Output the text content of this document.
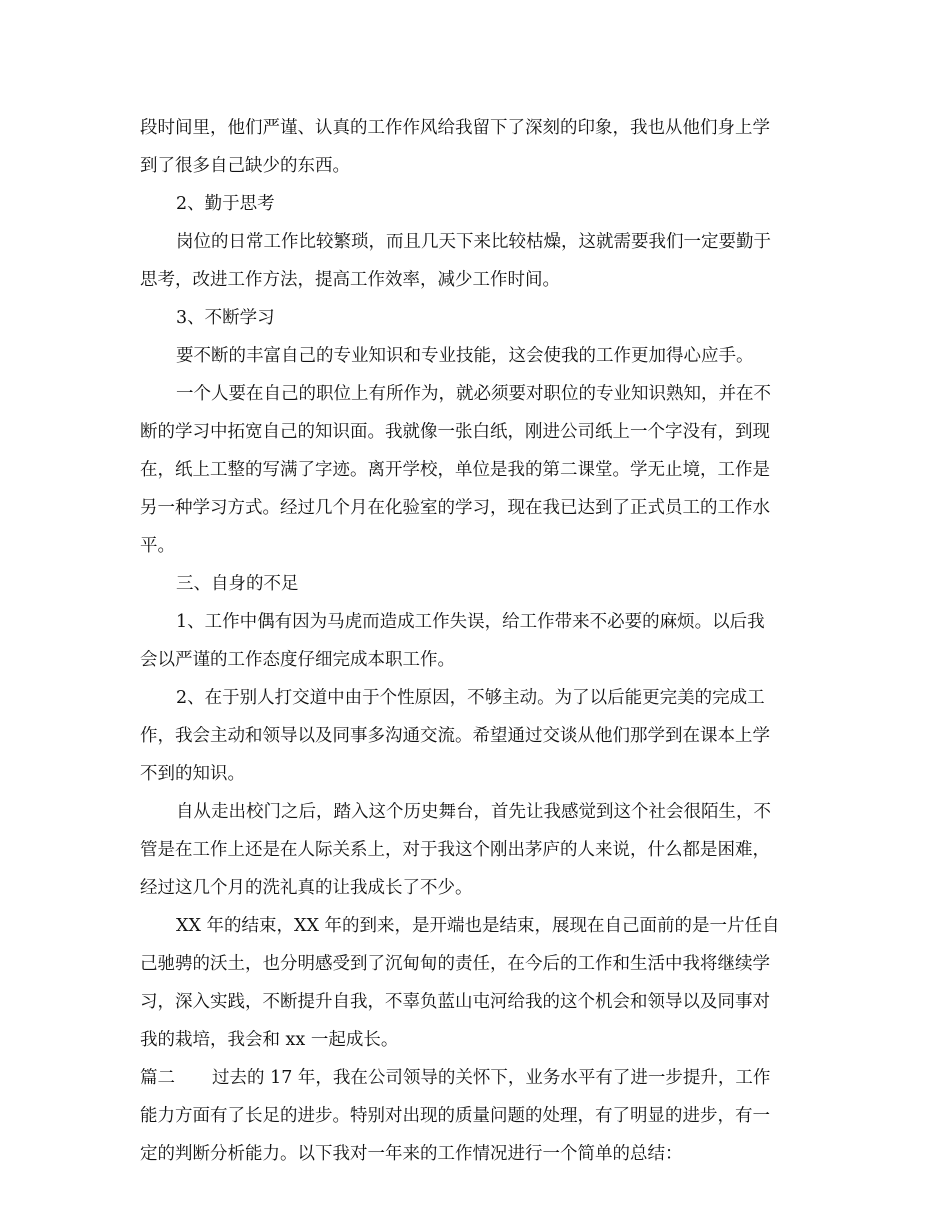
段时间里，他们严谨、认真的工作作风给我留下了深刻的印象，我也从他们身上学
到了很多自己缺少的东西。
2、勤于思考
岗位的日常工作比较繁琐，而且几天下来比较枯燥，这就需要我们一定要勤于
思考，改进工作方法，提高工作效率，减少工作时间。
3、不断学习
要不断的丰富自己的专业知识和专业技能，这会使我的工作更加得心应手。
一个人要在自己的职位上有所作为，就必须要对职位的专业知识熟知，并在不
断的学习中拓宽自己的知识面。我就像一张白纸，刚进公司纸上一个字没有，到现
在，纸上工整的写满了字迹。离开学校，单位是我的第二课堂。学无止境，工作是
另一种学习方式。经过几个月在化验室的学习，现在我已达到了正式员工的工作水
平。
三、自身的不足
1、工作中偶有因为马虎而造成工作失误，给工作带来不必要的麻烦。以后我
会以严谨的工作态度仔细完成本职工作。
2、在于别人打交道中由于个性原因，不够主动。为了以后能更完美的完成工
作，我会主动和领导以及同事多沟通交流。希望通过交谈从他们那学到在课本上学
不到的知识。
自从走出校门之后，踏入这个历史舞台，首先让我感觉到这个社会很陌生，不
管是在工作上还是在人际关系上，对于我这个刚出茅庐的人来说，什么都是困难，
经过这几个月的洗礼真的让我成长了不少。
XX 年的结束，XX 年的到来，是开端也是结束，展现在自己面前的是一片任自
己驰骋的沃土，也分明感受到了沉甸甸的责任，在今后的工作和生活中我将继续学
习，深入实践，不断提升自我，不辜负蓝山屯河给我的这个机会和领导以及同事对
我的栽培，我会和 xx 一起成长。
篇二 过去的 17 年，我在公司领导的关怀下，业务水平有了进一步提升，工作
能力方面有了长足的进步。特别对出现的质量问题的处理，有了明显的进步，有一
定的判断分析能力。以下我对一年来的工作情况进行一个简单的总结：
